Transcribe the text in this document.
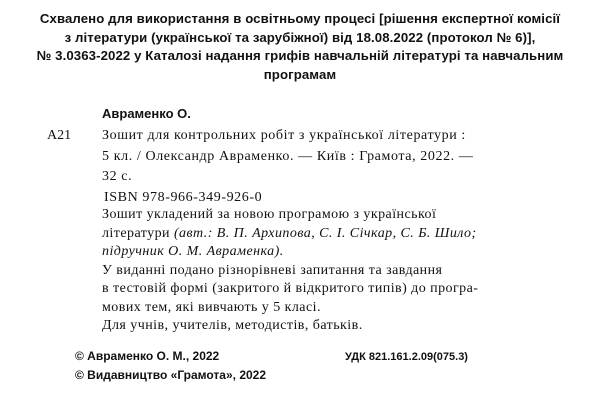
Схвалено для використання в освітньому процесі [рішення експертної комісії
з літератури (української та зарубіжної) від 18.08.2022 (протокол № 6)],
№ 3.0363-2022 у Каталозі надання грифів навчальній літературі та навчальним
програмам
Авраменко О.
А21 Зошит для контрольних робіт з української літератури :
5 кл. / Олександр Авраменко. — Київ : Грамота, 2022. —
32 с.
ISBN 978-966-349-926-0
Зошит укладений за новою програмою з української
літератури (авт.: В. П. Архипова, С. І. Січкар, С. Б. Шило;
підручник О. М. Авраменка).
У виданні подано різнорівневі запитання та завдання
в тестовій формі (закритого й відкритого типів) до програ-
мових тем, які вивчають у 5 класі.
Для учнів, учителів, методистів, батьків.
© Авраменко О. М., 2022
© Видавництво «Грамота», 2022
УДК 821.161.2.09(075.3)
